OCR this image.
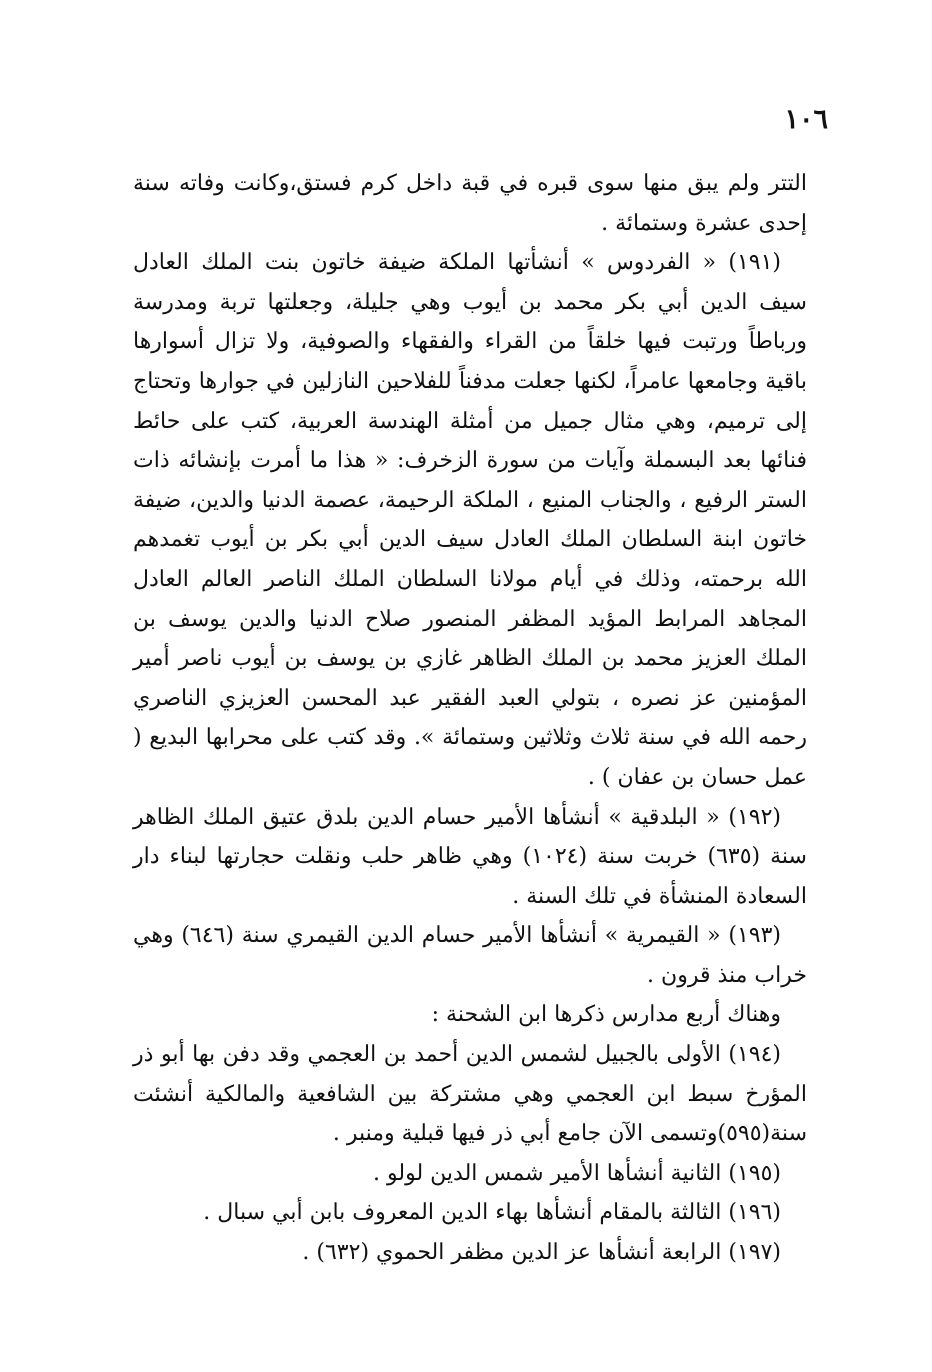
١٠٦

التتر ولم يبق منها سوى قبره في قبة داخل كرم فستق،وكانت وفاته سنة إحدى عشرة وستمائة .

(١٩١) « الفردوس » أنشأتها الملكة ضيفة خاتون بنت الملك العادل سيف الدين أبي بكر محمد بن أيوب وهي جليلة، وجعلتها تربة ومدرسة ورباطاً ورتبت فيها خلقاً من القراء والفقهاء والصوفية، ولا تزال أسوارها باقية وجامعها عامراً، لكنها جعلت مدفناً للفلاحين النازلين في جوارها وتحتاج إلى ترميم، وهي مثال جميل من أمثلة الهندسة العربية، كتب على حائط فنائها بعد البسملة وآيات من سورة الزخرف: « هذا ما أمرت بإنشائه ذات الستر الرفيع ، والجناب المنيع ، الملكة الرحيمة، عصمة الدنيا والدين، ضيفة خاتون ابنة السلطان الملك العادل سيف الدين أبي بكر بن أيوب تغمدهم الله برحمته، وذلك في أيام مولانا السلطان الملك الناصر العالم العادل المجاهد المرابط المؤيد المظفر المنصور صلاح الدنيا والدين يوسف بن الملك العزيز محمد بن الملك الظاهر غازي بن يوسف بن أيوب ناصر أمير المؤمنين عز نصره ، بتولي العبد الفقير عبد المحسن العزيزي الناصري رحمه الله في سنة ثلاث وثلاثين وستمائة ». وقد كتب على محرابها البديع ( عمل حسان بن عفان ) .

(١٩٢) « البلدقية » أنشأها الأمير حسام الدين بلدق عتيق الملك الظاهر سنة (٦٣٥) خربت سنة (١٠٢٤) وهي ظاهر حلب ونقلت حجارتها لبناء دار السعادة المنشأة في تلك السنة .

(١٩٣) « القيمرية » أنشأها الأمير حسام الدين القيمري سنة (٦٤٦) وهي خراب منذ قرون .

وهناك أربع مدارس ذكرها ابن الشحنة :

(١٩٤) الأولى بالجبيل لشمس الدين أحمد بن العجمي وقد دفن بها أبو ذر المؤرخ سبط ابن العجمي وهي مشتركة بين الشافعية والمالكية أنشئت سنة(٥٩٥)وتسمى الآن جامع أبي ذر فيها قبلية ومنبر .

(١٩٥) الثانية أنشأها الأمير شمس الدين لولو .

(١٩٦) الثالثة بالمقام أنشأها بهاء الدين المعروف بابن أبي سبال .

(١٩٧) الرابعة أنشأها عز الدين مظفر الحموي (٦٣٢) .
